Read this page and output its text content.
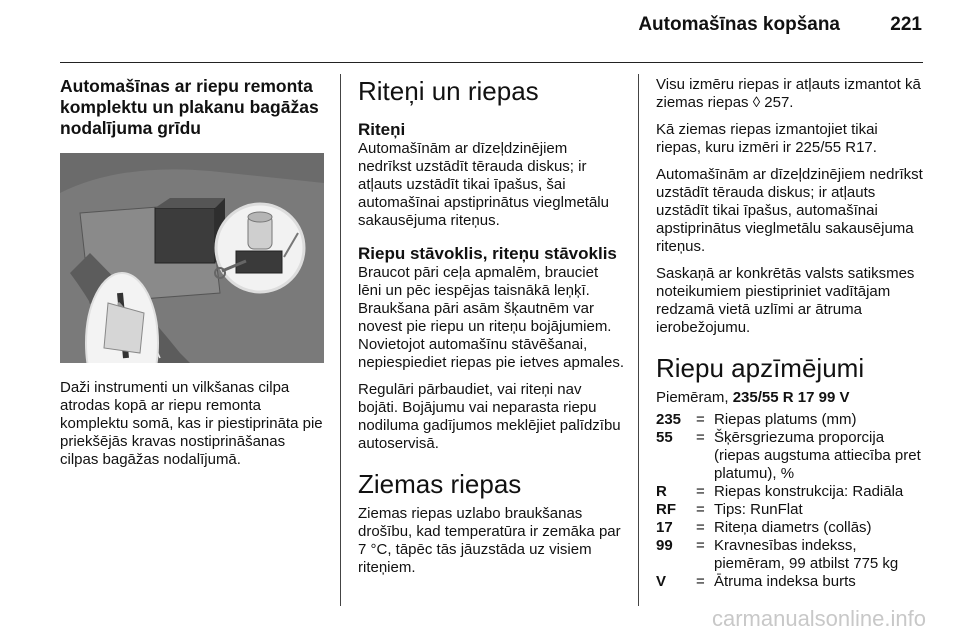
Automašīnas kopšana	221
Automašīnas ar riepu remonta komplektu un plakanu bagāžas nodalījuma grīdu

Daži instrumenti un vilkšanas cilpa atrodas kopā ar riepu remonta komplektu somā, kas ir piestiprināta pie priekšējās kravas nostiprināšanas cilpas bagāžas nodalījumā.

Riteņi un riepas
Riteņi

Automašīnām ar dīzeļdzinējiem nedrīkst uzstādīt tērauda diskus; ir atļauts uzstādīt tikai īpašus, šai automašīnai apstiprinātus vieglmetālu sakausējuma riteņus.

Riepu stāvoklis, riteņu stāvoklis

Braucot pāri ceļa apmalēm, brauciet lēni un pēc iespējas taisnākā leņķī. Braukšana pāri asām šķautnēm var novest pie riepu un riteņu bojājumiem. Novietojot automašīnu stāvēšanai, nepiespiediet riepas pie ietves apmales.

Regulāri pārbaudiet, vai riteņi nav bojāti. Bojājumu vai neparasta riepu nodiluma gadījumos meklējiet palīdzību autoservisā.

Ziemas riepas

Ziemas riepas uzlabo braukšanas drošību, kad temperatūra ir zemāka par 7 °C, tāpēc tās jāuzstāda uz visiem riteņiem.

Visu izmēru riepas ir atļauts izmantot kā ziemas riepas ◊ 257.

Kā ziemas riepas izmantojiet tikai riepas, kuru izmēri ir 225/55 R17.

Automašīnām ar dīzeļdzinējiem nedrīkst uzstādīt tērauda diskus; ir atļauts uzstādīt tikai īpašus, automašīnai apstiprinātus vieglmetālu sakausējuma riteņus.

Saskaņā ar konkrētās valsts satiksmes noteikumiem piestipriniet vadītājam redzamā vietā uzlīmi ar ātruma ierobežojumu.

Riepu apzīmējumi
Piemēram, 235/55 R 17 99 V
235 = Riepas platums (mm)
55	= Šķērsgriezuma proporcija (riepas augstuma attiecība pret platumu), %
R	= Riepas konstrukcija: Radiāla
RF	= Tips: RunFlat
17	= Riteņa diametrs (collās)
99	= Kravnesības indekss, piemēram, 99 atbilst 775 kg
V	= Ātruma indeksa burts
carmanualsonline.info
